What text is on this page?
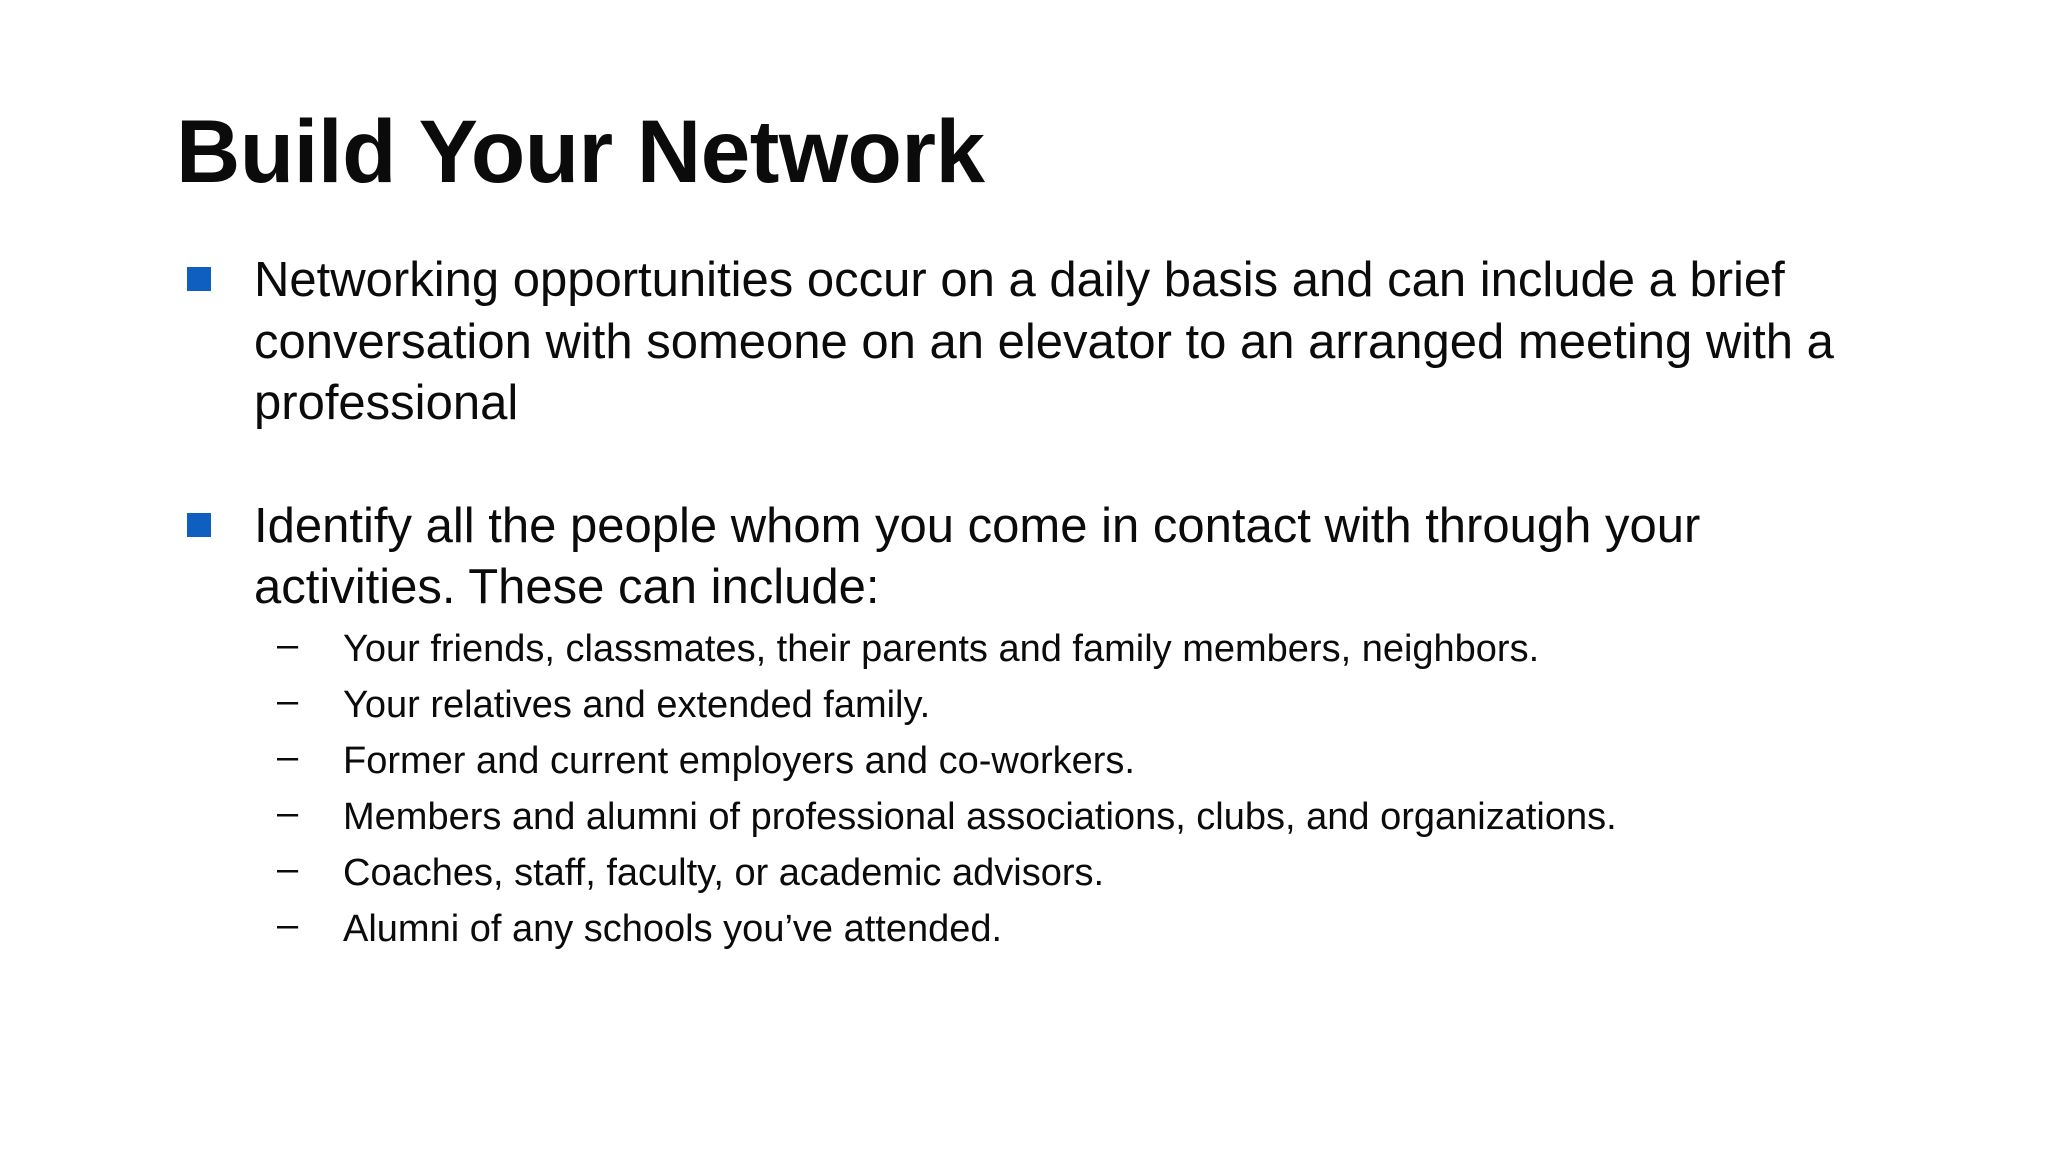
Build Your Network
Networking opportunities occur on a daily basis and can include a brief conversation with someone on an elevator to an arranged meeting with a professional
Identify all the people whom you come in contact with through your activities. These can include:
– Your friends, classmates, their parents and family members, neighbors.
– Your relatives and extended family.
– Former and current employers and co-workers.
– Members and alumni of professional associations, clubs, and organizations.
– Coaches, staff, faculty, or academic advisors.
– Alumni of any schools you’ve attended.
